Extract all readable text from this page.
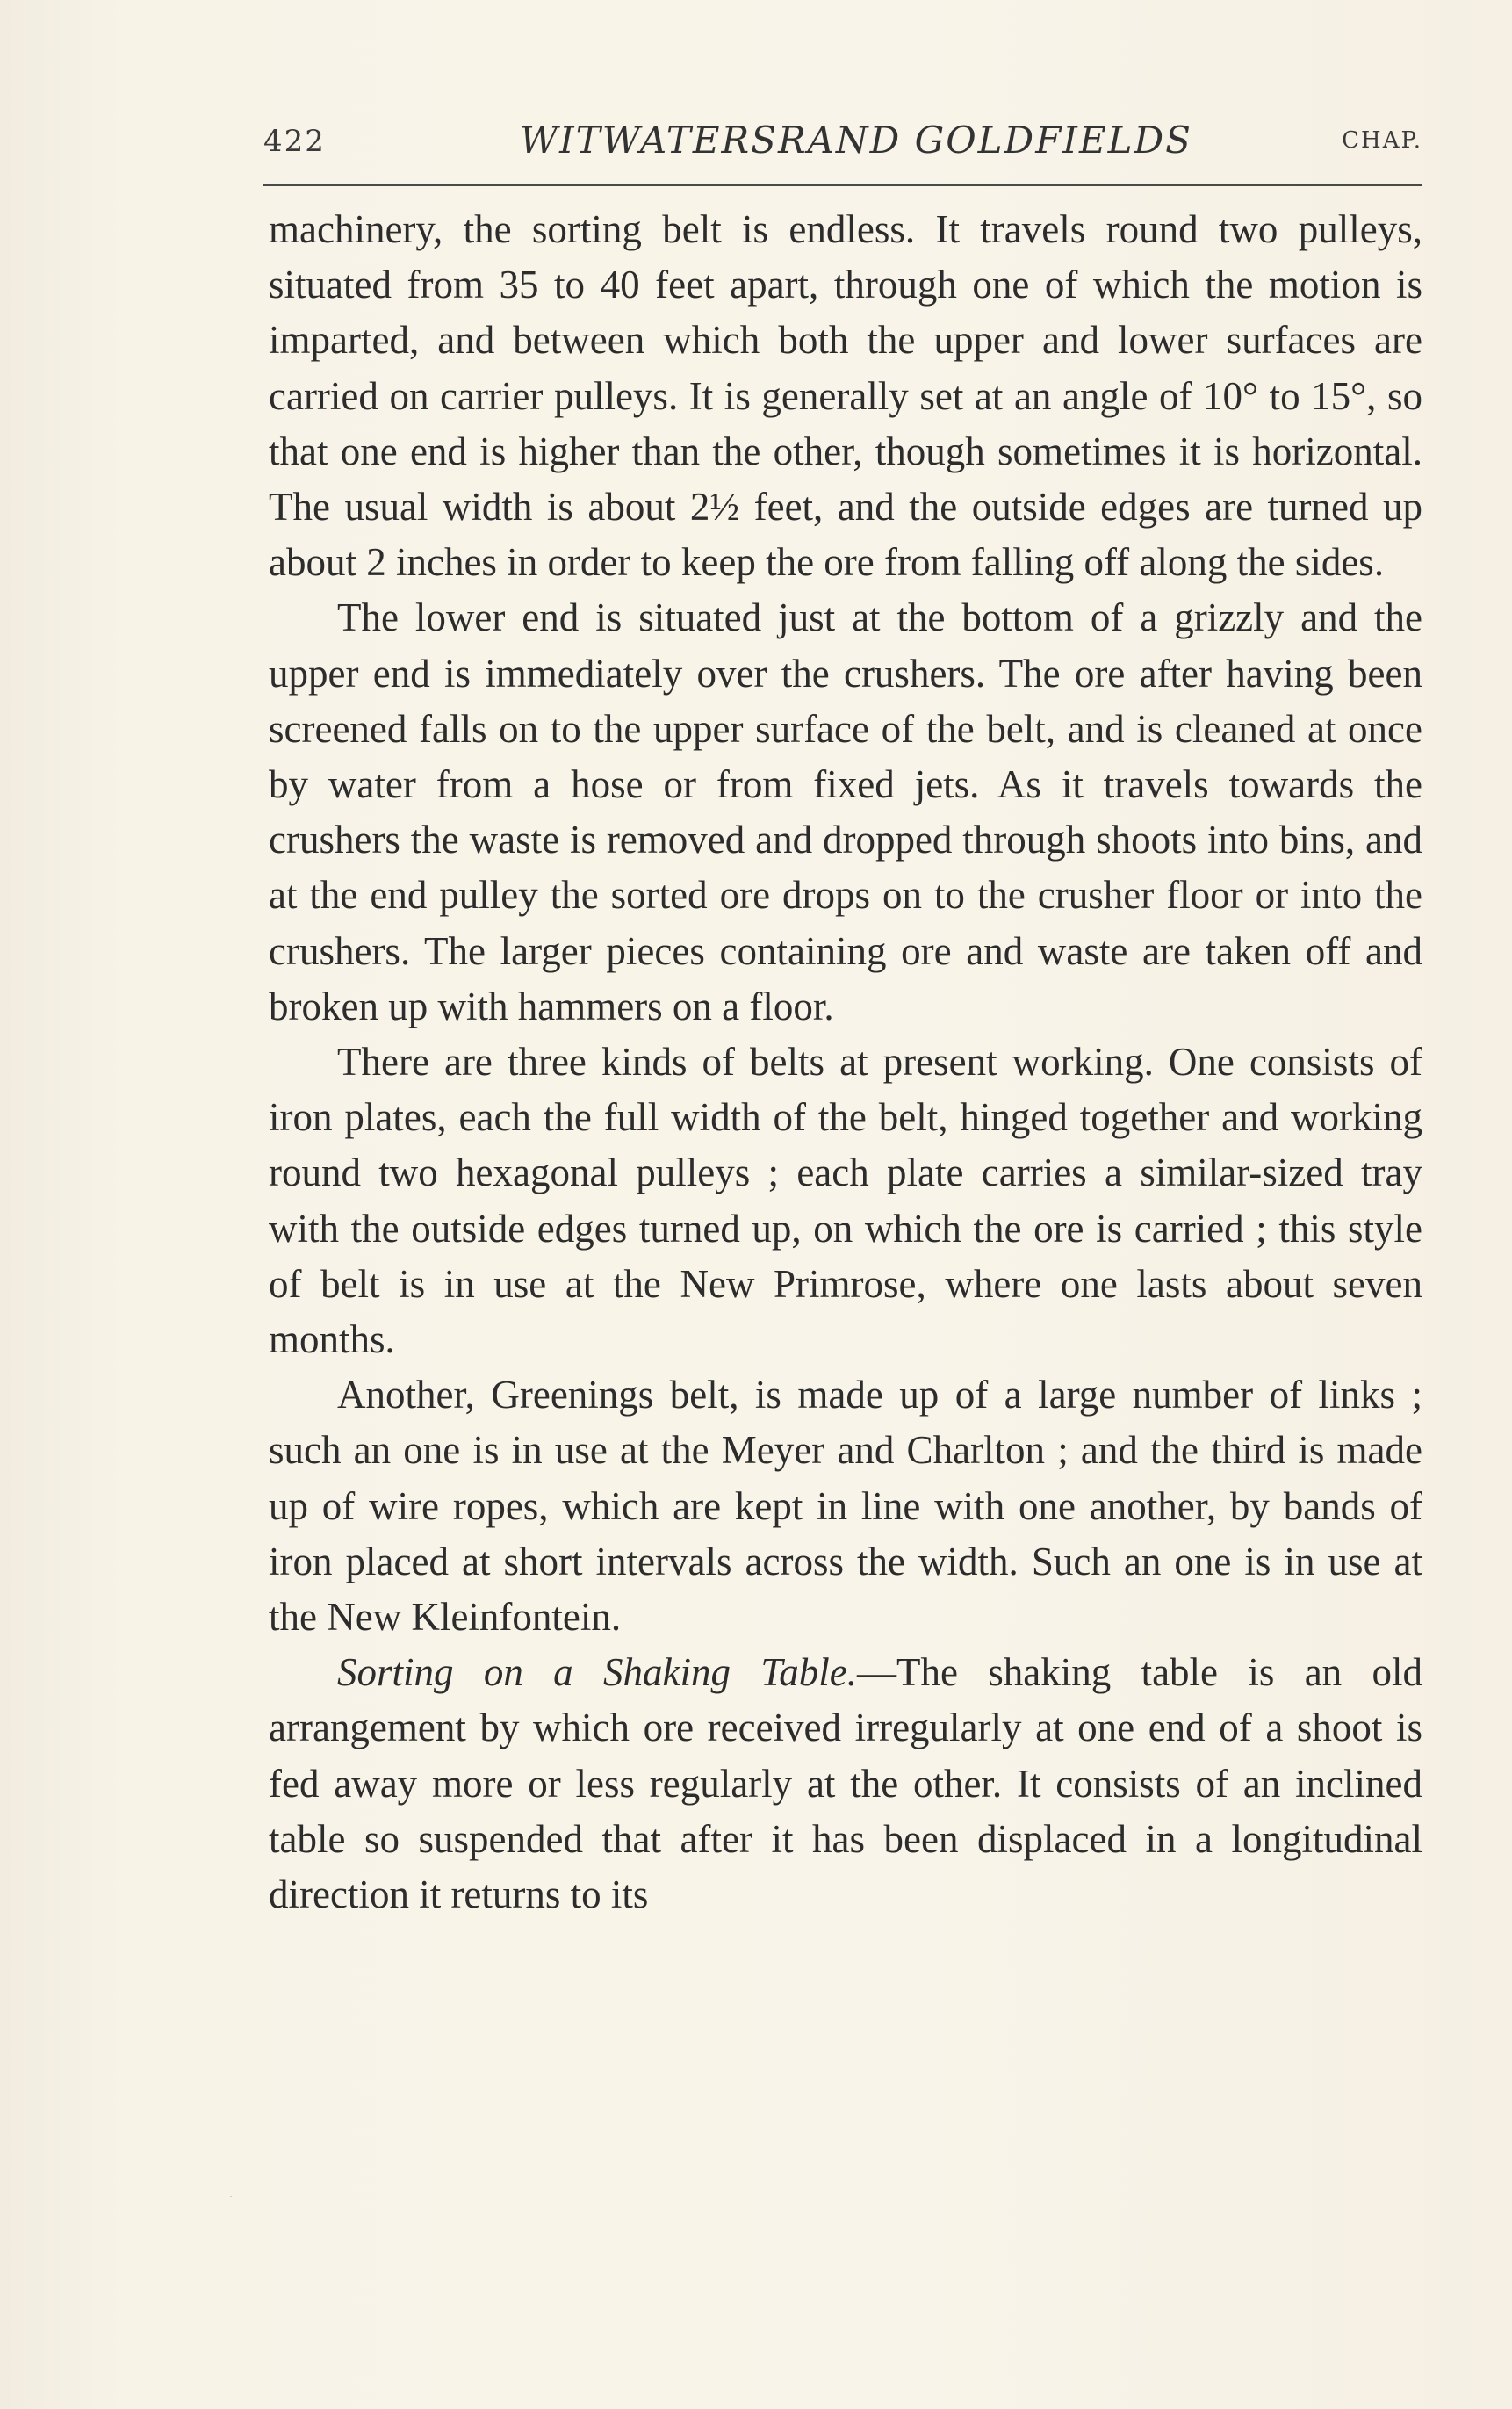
422	WITWATERSRAND GOLDFIELDS	CHAP.

machinery, the sorting belt is endless. It travels round two pulleys, situated from 35 to 40 feet apart, through one of which the motion is imparted, and between which both the upper and lower surfaces are carried on carrier pulleys. It is generally set at an angle of 10° to 15°, so that one end is higher than the other, though sometimes it is horizontal. The usual width is about 2½ feet, and the outside edges are turned up about 2 inches in order to keep the ore from falling off along the sides.

The lower end is situated just at the bottom of a grizzly and the upper end is immediately over the crushers. The ore after having been screened falls on to the upper surface of the belt, and is cleaned at once by water from a hose or from fixed jets. As it travels towards the crushers the waste is removed and dropped through shoots into bins, and at the end pulley the sorted ore drops on to the crusher floor or into the crushers. The larger pieces containing ore and waste are taken off and broken up with hammers on a floor.

There are three kinds of belts at present working. One consists of iron plates, each the full width of the belt, hinged together and working round two hexagonal pulleys ; each plate carries a similar-sized tray with the outside edges turned up, on which the ore is carried ; this style of belt is in use at the New Primrose, where one lasts about seven months.

Another, Greenings belt, is made up of a large number of links ; such an one is in use at the Meyer and Charlton ; and the third is made up of wire ropes, which are kept in line with one another, by bands of iron placed at short intervals across the width. Such an one is in use at the New Kleinfontein.

Sorting on a Shaking Table.—The shaking table is an old arrangement by which ore received irregularly at one end of a shoot is fed away more or less regularly at the other. It consists of an inclined table so suspended that after it has been displaced in a longitudinal direction it returns to its
